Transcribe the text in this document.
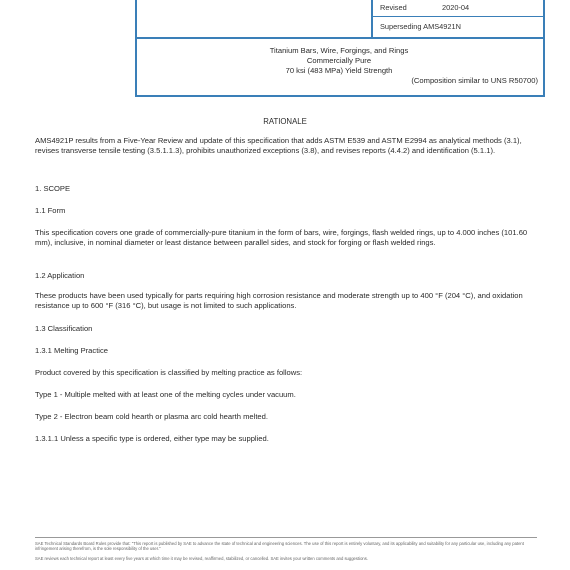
Revised	2020-04
Superseding AMS4921N
Titanium Bars, Wire, Forgings, and Rings
Commercially Pure
70 ksi (483 MPa) Yield Strength
(Composition similar to UNS R50700)
RATIONALE
AMS4921P results from a Five-Year Review and update of this specification that adds ASTM E539 and ASTM E2994 as analytical methods (3.1), revises transverse tensile testing (3.5.1.1.3), prohibits unauthorized exceptions (3.8), and revises reports (4.4.2) and identification (5.1.1).
1. SCOPE
1.1 Form
This specification covers one grade of commercially-pure titanium in the form of bars, wire, forgings, flash welded rings, up to 4.000 inches (101.60 mm), inclusive, in nominal diameter or least distance between parallel sides, and stock for forging or flash welded rings.
1.2 Application
These products have been used typically for parts requiring high corrosion resistance and moderate strength up to 400 °F (204 °C), and oxidation resistance up to 600 °F (316 °C), but usage is not limited to such applications.
1.3 Classification
1.3.1 Melting Practice
Product covered by this specification is classified by melting practice as follows:
Type 1 - Multiple melted with at least one of the melting cycles under vacuum.
Type 2 - Electron beam cold hearth or plasma arc cold hearth melted.
1.3.1.1 Unless a specific type is ordered, either type may be supplied.
SAE Technical Standards Board Rules provide that: "This report is published by SAE to advance the state of technical and engineering sciences. The use of this report is entirely voluntary, and its applicability and suitability for any particular use, including any patent infringement arising therefrom, is the sole responsibility of the user."
SAE reviews each technical report at least every five years at which time it may be revised, reaffirmed, stabilized, or cancelled. SAE invites your written comments and suggestions.
